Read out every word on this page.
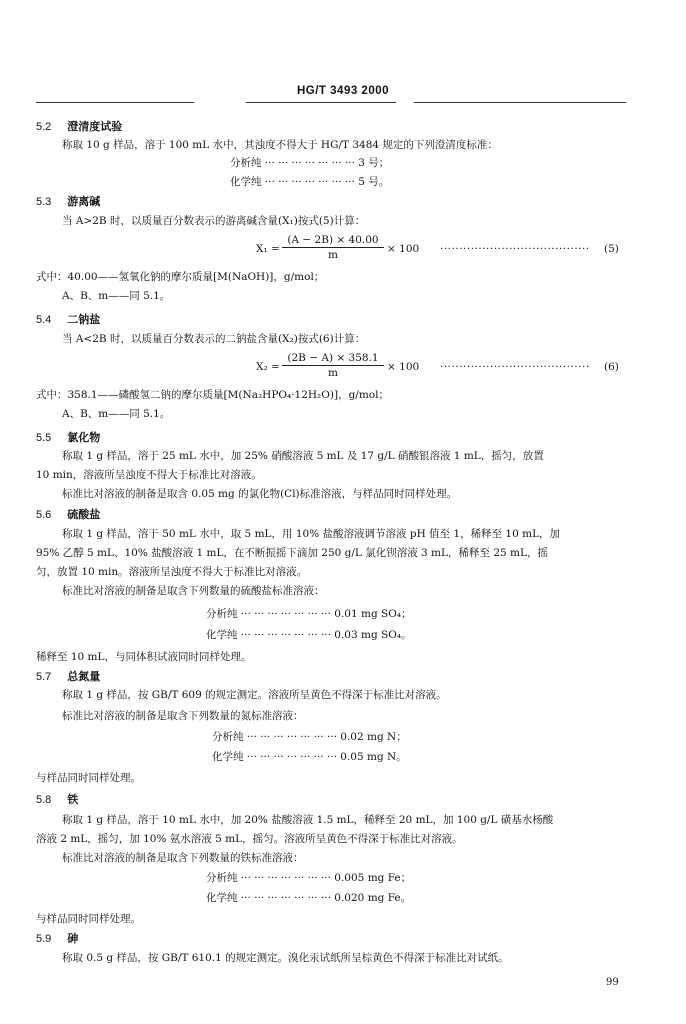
HG/T 3493 2000
5.2 澄清度试验
称取 10 g 样品，溶于 100 mL 水中，其浊度不得大于 HG/T 3484 规定的下列澄清度标准：
分析纯 ··· ··· ··· ··· ··· ··· ··· 3 号；
化学纯 ··· ··· ··· ··· ··· ··· ··· 5 号。
5.3 游离碱
当 A>2B 时，以质量百分数表示的游离碱含量(X₁)按式(5)计算：
$X_1 = \frac{(A - 2B) \times 40.00}{m} \times 100$ ······································· (5)
式中：40.00——氢氧化钠的摩尔质量[M(NaOH)]，g/mol；
A、B、m——同 5.1。
5.4 二钠盐
当 A<2B 时，以质量百分数表示的二钠盐含量(X₂)按式(6)计算：
$X_2 = \frac{(2B - A) \times 358.1}{m} \times 100$ ······································· (6)
式中：358.1——磷酸氢二钠的摩尔质量[M(Na₂HPO₄·12H₂O)]，g/mol；
A、B、m——同 5.1。
5.5 氯化物
称取 1 g 样品，溶于 25 mL 水中，加 25% 硝酸溶液 5 mL 及 17 g/L 硝酸银溶液 1 mL，摇匀，放置
10 min，溶液所呈浊度不得大于标准比对溶液。
标准比对溶液的制备是取含 0.05 mg 的氯化物(Cl)标准溶液，与样品同时同样处理。
5.6 硫酸盐
称取 1 g 样品，溶于 50 mL 水中，取 5 mL，用 10% 盐酸溶液调节溶液 pH 值至 1，稀释至 10 mL，加
95% 乙醇 5 mL、10% 盐酸溶液 1 mL，在不断振摇下滴加 250 g/L 氯化钡溶液 3 mL，稀释至 25 mL，摇
匀，放置 10 min。溶液所呈浊度不得大于标准比对溶液。
标准比对溶液的制备是取含下列数量的硫酸盐标准溶液：
分析纯 ··· ··· ··· ··· ··· ··· ··· 0.01 mg SO₄；
化学纯 ··· ··· ··· ··· ··· ··· ··· 0.03 mg SO₄。
稀释至 10 mL，与同体积试液同时同样处理。
5.7 总氮量
称取 1 g 样品，按 GB/T 609 的规定测定。溶液所呈黄色不得深于标准比对溶液。
标准比对溶液的制备是取含下列数量的氮标准溶液：
分析纯 ··· ··· ··· ··· ··· ··· ··· 0.02 mg N；
化学纯 ··· ··· ··· ··· ··· ··· ··· 0.05 mg N。
与样品同时同样处理。
5.8 铁
称取 1 g 样品，溶于 10 mL 水中，加 20% 盐酸溶液 1.5 mL，稀释至 20 mL，加 100 g/L 磺基水杨酸
溶液 2 mL，摇匀，加 10% 氨水溶液 5 mL，摇匀。溶液所呈黄色不得深于标准比对溶液。
标准比对溶液的制备是取含下列数量的铁标准溶液：
分析纯 ··· ··· ··· ··· ··· ··· ··· 0.005 mg Fe；
化学纯 ··· ··· ··· ··· ··· ··· ··· 0.020 mg Fe。
与样品同时同样处理。
5.9 砷
称取 0.5 g 样品，按 GB/T 610.1 的规定测定。溴化汞试纸所呈棕黄色不得深于标准比对试纸。
99
